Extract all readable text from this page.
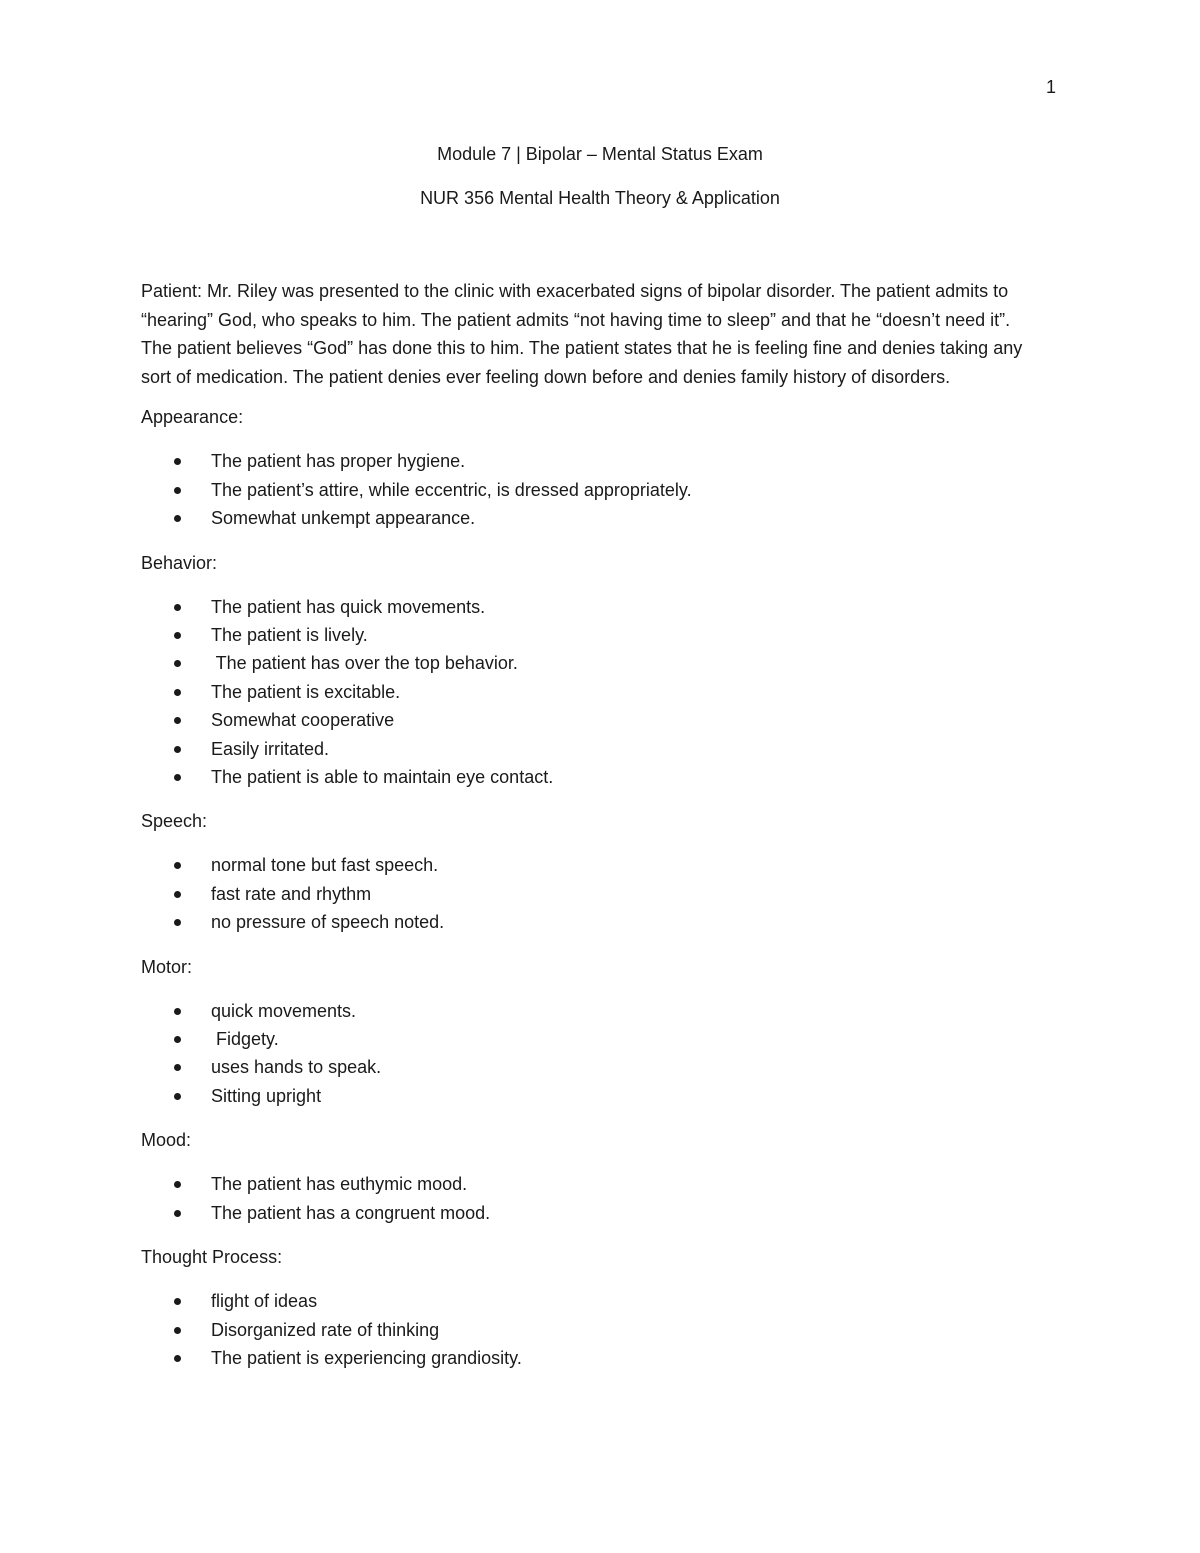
1
Module 7 | Bipolar – Mental Status Exam
NUR 356 Mental Health Theory & Application

Patient: Mr. Riley was presented to the clinic with exacerbated signs of bipolar disorder. The patient admits to “hearing” God, who speaks to him. The patient admits “not having time to sleep” and that he “doesn’t need it”. The patient believes “God” has done this to him. The patient states that he is feeling fine and denies taking any sort of medication. The patient denies ever feeling down before and denies family history of disorders.

Appearance:

The patient has proper hygiene.
The patient’s attire, while eccentric, is dressed appropriately.
Somewhat unkempt appearance.

Behavior:

The patient has quick movements.
The patient is lively.
The patient has over the top behavior.
The patient is excitable.
Somewhat cooperative
Easily irritated.
The patient is able to maintain eye contact.

Speech:

normal tone but fast speech.
fast rate and rhythm
no pressure of speech noted.

Motor:

quick movements.
Fidgety.
uses hands to speak.
Sitting upright

Mood:

The patient has euthymic mood.
The patient has a congruent mood.

Thought Process:

flight of ideas
Disorganized rate of thinking
The patient is experiencing grandiosity.
